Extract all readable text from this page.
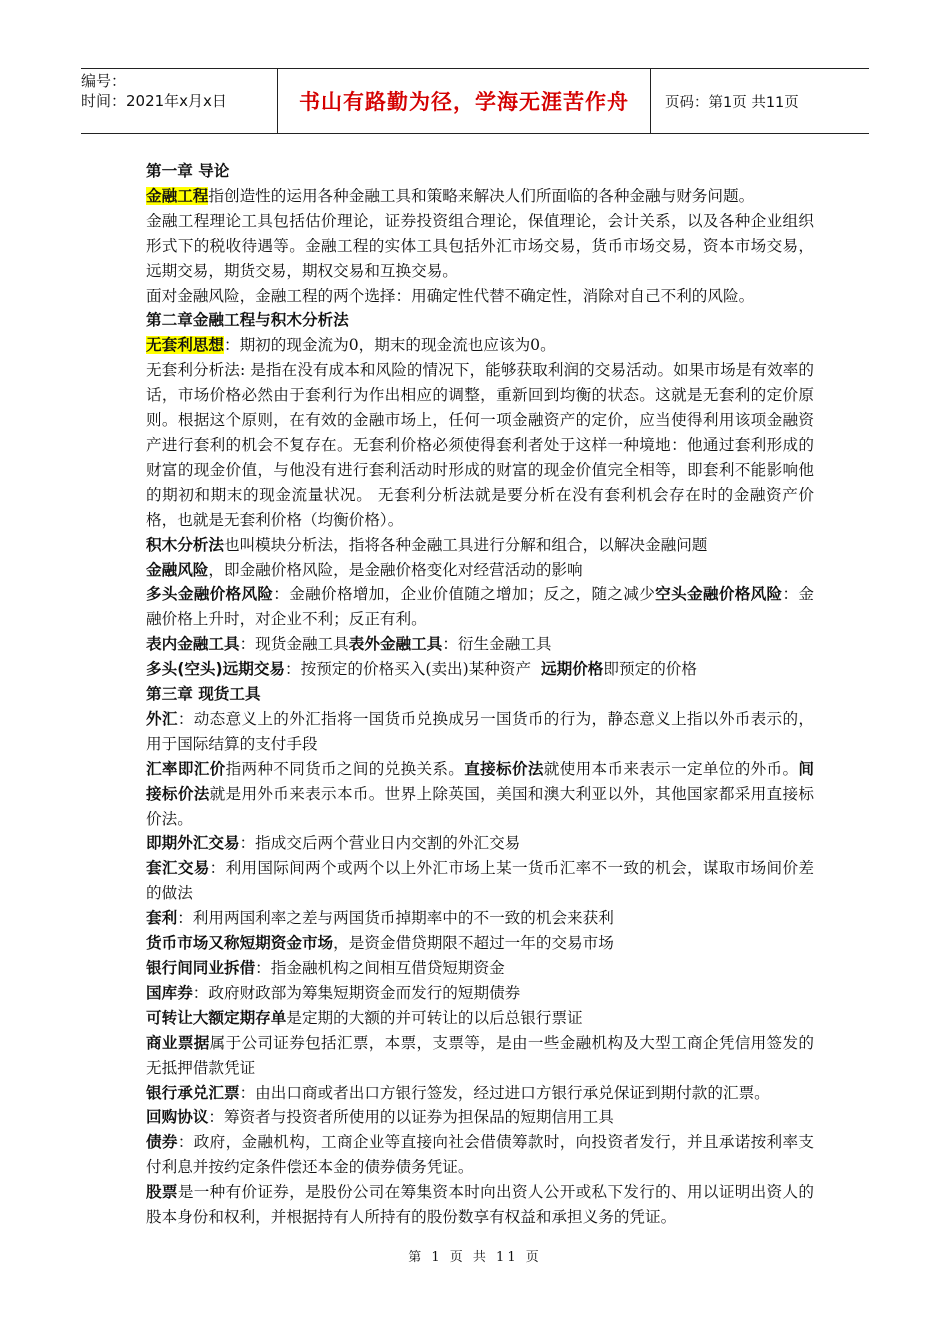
编号：
时间：2021年x月x日	书山有路勤为径，学海无涯苦作舟	页码：第1页 共11页

第一章 导论

金融工程指创造性的运用各种金融工具和策略来解决人们所面临的各种金融与财务问题。

金融工程理论工具包括估价理论，证券投资组合理论，保值理论，会计关系，以及各种企业组织形式下的税收待遇等。金融工程的实体工具包括外汇市场交易，货币市场交易，资本市场交易，远期交易，期货交易，期权交易和互换交易。

面对金融风险，金融工程的两个选择：用确定性代替不确定性，消除对自己不利的风险。

第二章金融工程与积木分析法

无套利思想：期初的现金流为0，期末的现金流也应该为0。

无套利分析法: 是指在没有成本和风险的情况下，能够获取利润的交易活动。如果市场是有效率的话，市场价格必然由于套利行为作出相应的调整，重新回到均衡的状态。这就是无套利的定价原则。根据这个原则，在有效的金融市场上，任何一项金融资产的定价，应当使得利用该项金融资产进行套利的机会不复存在。无套利价格必须使得套利者处于这样一种境地：他通过套利形成的财富的现金价值，与他没有进行套利活动时形成的财富的现金价值完全相等，即套利不能影响他的期初和期末的现金流量状况。 无套利分析法就是要分析在没有套利机会存在时的金融资产价格，也就是无套利价格（均衡价格）。

积木分析法也叫模块分析法，指将各种金融工具进行分解和组合，以解决金融问题

金融风险，即金融价格风险，是金融价格变化对经营活动的影响

多头金融价格风险：金融价格增加，企业价值随之增加；反之，随之减少空头金融价格风险：金融价格上升时，对企业不利；反正有利。

表内金融工具：现货金融工具表外金融工具：衍生金融工具

多头(空头)远期交易：按预定的价格买入(卖出)某种资产  远期价格即预定的价格

第三章 现货工具

外汇：动态意义上的外汇指将一国货币兑换成另一国货币的行为，静态意义上指以外币表示的，用于国际结算的支付手段

汇率即汇价指两种不同货币之间的兑换关系。直接标价法就使用本币来表示一定单位的外币。间接标价法就是用外币来表示本币。世界上除英国，美国和澳大利亚以外，其他国家都采用直接标价法。

即期外汇交易：指成交后两个营业日内交割的外汇交易

套汇交易：利用国际间两个或两个以上外汇市场上某一货币汇率不一致的机会，谋取市场间价差的做法

套利：利用两国利率之差与两国货币掉期率中的不一致的机会来获利

货币市场又称短期资金市场，是资金借贷期限不超过一年的交易市场

银行间同业拆借：指金融机构之间相互借贷短期资金

国库券：政府财政部为筹集短期资金而发行的短期债券

可转让大额定期存单是定期的大额的并可转让的以后总银行票证

商业票据属于公司证券包括汇票，本票，支票等，是由一些金融机构及大型工商企凭信用签发的无抵押借款凭证

银行承兑汇票：由出口商或者出口方银行签发，经过进口方银行承兑保证到期付款的汇票。

回购协议：筹资者与投资者所使用的以证券为担保品的短期信用工具

债券：政府，金融机构，工商企业等直接向社会借债筹款时，向投资者发行，并且承诺按利率支付利息并按约定条件偿还本金的债券债务凭证。

股票是一种有价证券，是股份公司在筹集资本时向出资人公开或私下发行的、用以证明出资人的股本身份和权利，并根据持有人所持有的股份数享有权益和承担义务的凭证。

第 1 页 共 11 页
